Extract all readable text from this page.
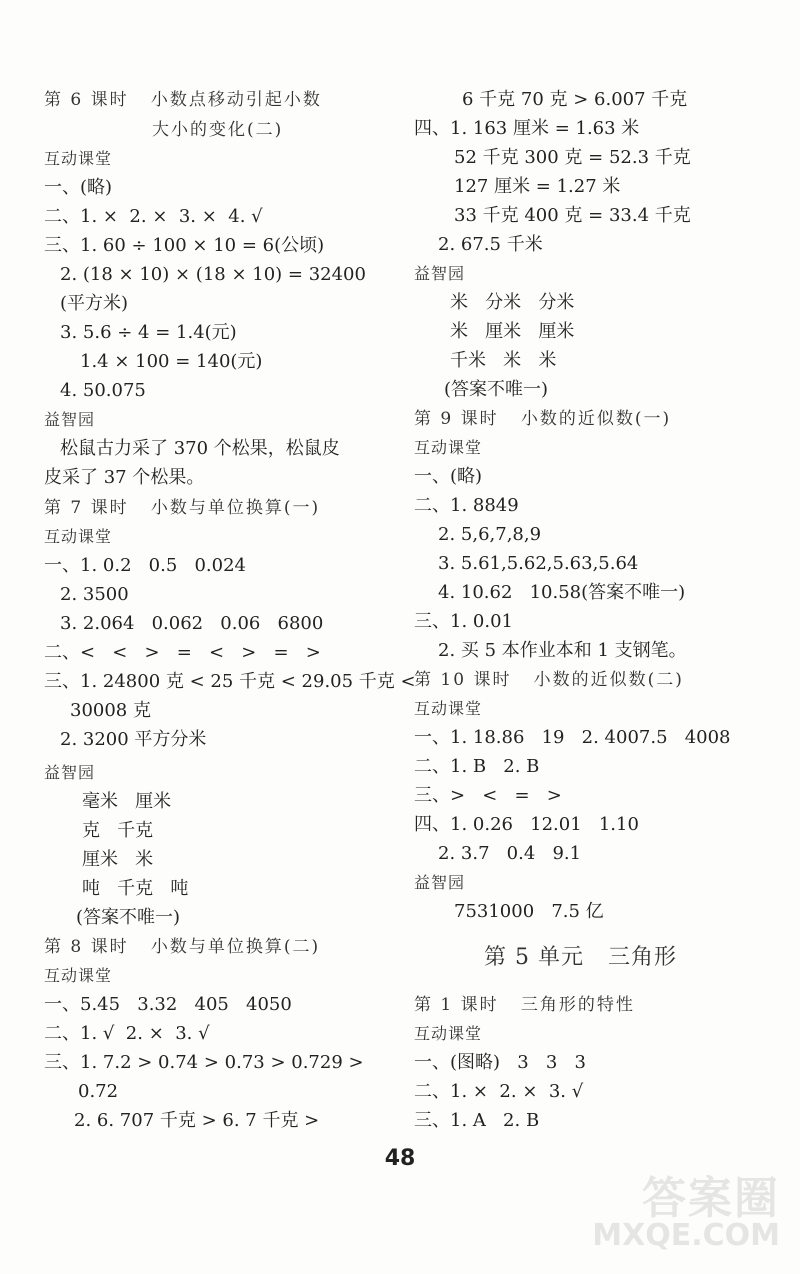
第 6 课时   小数点移动引起小数
大小的变化(二)
互动课堂
一、(略)
二、1. ×  2. ×  3. ×  4. √
三、1. 60 ÷ 100 × 10 = 6(公顷)
2. (18 × 10) × (18 × 10) = 32400
(平方米)
3. 5.6 ÷ 4 = 1.4(元)
1.4 × 100 = 140(元)
4. 50.075
益智园
松鼠古力采了 370 个松果，松鼠皮
皮采了 37 个松果。
第 7 课时   小数与单位换算(一)
互动课堂
一、1. 0.2   0.5   0.024
2. 3500
3. 2.064   0.062   0.06   6800
二、<   <   >   =   <   >   =   >
三、1. 24800 克 < 25 千克 < 29.05 千克 <
30008 克
2. 3200 平方分米
益智园
毫米   厘米
克   千克
厘米   米
吨   千克   吨
(答案不唯一)
第 8 课时   小数与单位换算(二)
互动课堂
一、5.45   3.32   405   4050
二、1. √  2. ×  3. √
三、1. 7.2 > 0.74 > 0.73 > 0.729 >
0.72
2. 6. 707 千克 > 6. 7 千克 >
6 千克 70 克 > 6.007 千克
四、1. 163 厘米 = 1.63 米
52 千克 300 克 = 52.3 千克
127 厘米 = 1.27 米
33 千克 400 克 = 33.4 千克
2. 67.5 千米
益智园
米   分米   分米
米   厘米   厘米
千米   米   米
(答案不唯一)
第 9 课时   小数的近似数(一)
互动课堂
一、(略)
二、1. 8849
2. 5,6,7,8,9
3. 5.61,5.62,5.63,5.64
4. 10.62   10.58(答案不唯一)
三、1. 0.01
2. 买 5 本作业本和 1 支钢笔。
第 10 课时   小数的近似数(二)
互动课堂
一、1. 18.86   19   2. 4007.5   4008
二、1. B   2. B
三、>   <   =   >
四、1. 0.26   12.01   1.10
2. 3.7   0.4   9.1
益智园
7531000   7.5 亿
第 5 单元   三角形
第 1 课时   三角形的特性
互动课堂
一、(图略)   3   3   3
二、1. ×  2. ×  3. √
三、1. A   2. B
48
答案圈
MXQE.COM
